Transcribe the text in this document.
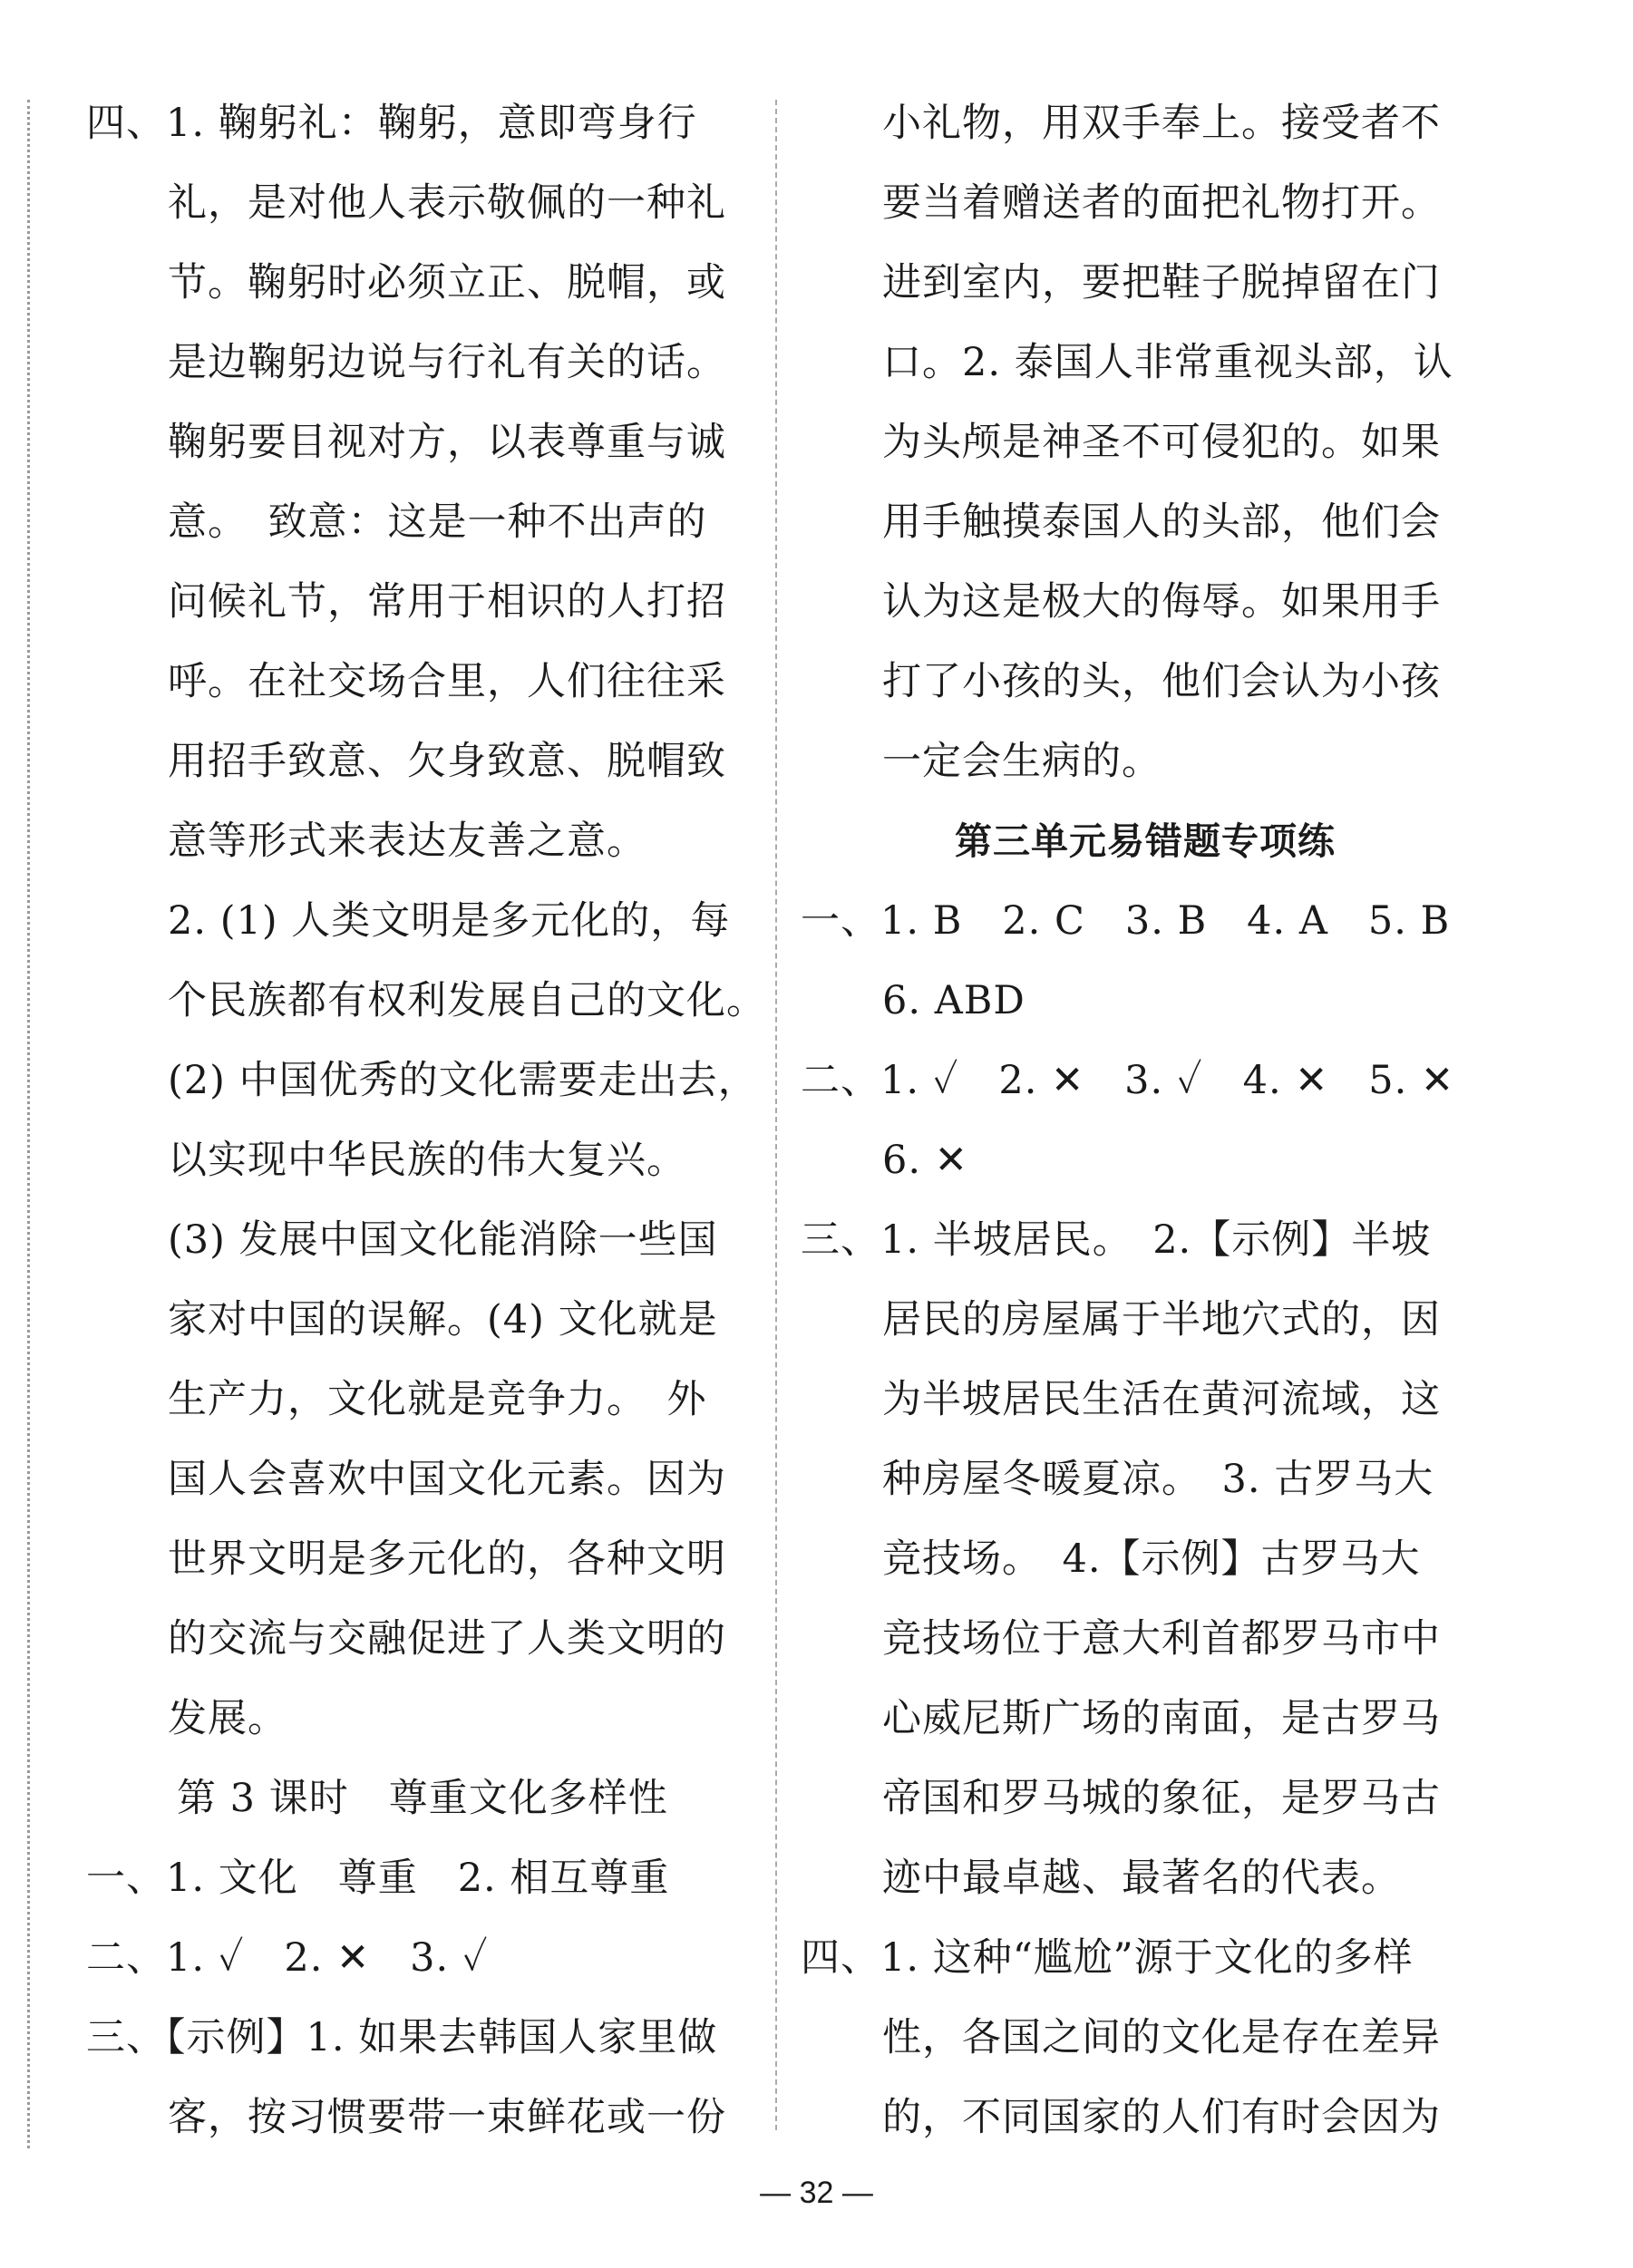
四、1. 鞠躬礼：鞠躬，意即弯身行
礼，是对他人表示敬佩的一种礼
节。鞠躬时必须立正、脱帽，或
是边鞠躬边说与行礼有关的话。
鞠躬要目视对方，以表尊重与诚
意。　致意：这是一种不出声的
问候礼节，常用于相识的人打招
呼。在社交场合里，人们往往采
用招手致意、欠身致意、脱帽致
意等形式来表达友善之意。
2. (1) 人类文明是多元化的，每
个民族都有权利发展自己的文化。
(2) 中国优秀的文化需要走出去，
以实现中华民族的伟大复兴。
(3) 发展中国文化能消除一些国
家对中国的误解。(4) 文化就是
生产力，文化就是竞争力。　外
国人会喜欢中国文化元素。因为
世界文明是多元化的，各种文明
的交流与交融促进了人类文明的
发展。
第 3 课时　尊重文化多样性
一、1. 文化　尊重　2. 相互尊重
二、1. ✓　2. ✕　3. ✓
三、【示例】1. 如果去韩国人家里做
客，按习惯要带一束鲜花或一份
小礼物，用双手奉上。接受者不
要当着赠送者的面把礼物打开。
进到室内，要把鞋子脱掉留在门
口。2. 泰国人非常重视头部，认
为头颅是神圣不可侵犯的。如果
用手触摸泰国人的头部，他们会
认为这是极大的侮辱。如果用手
打了小孩的头，他们会认为小孩
一定会生病的。
第三单元易错题专项练
一、1. B　2. C　3. B　4. A　5. B
6. ABD
二、1. ✓　2. ✕　3. ✓　4. ✕　5. ✕
6. ✕
三、1. 半坡居民。　2.【示例】半坡
居民的房屋属于半地穴式的，因
为半坡居民生活在黄河流域，这
种房屋冬暖夏凉。　3. 古罗马大
竞技场。　4.【示例】古罗马大
竞技场位于意大利首都罗马市中
心威尼斯广场的南面，是古罗马
帝国和罗马城的象征，是罗马古
迹中最卓越、最著名的代表。
四、1. 这种“尴尬”源于文化的多样
性，各国之间的文化是存在差异
的，不同国家的人们有时会因为
— 32 —
